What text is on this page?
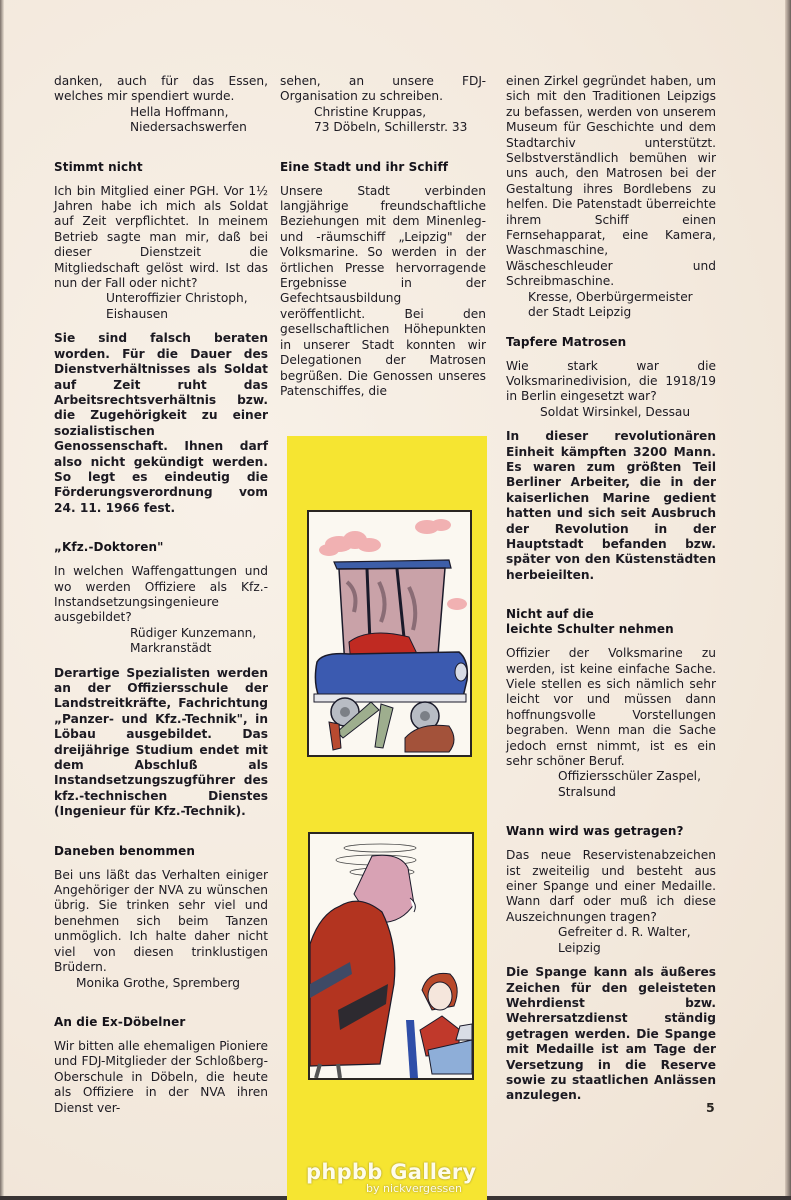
danken, auch für das Essen, welches mir spendiert wurde.

Hella Hoffmann,

Niedersachswerfen

Stimmt nicht

Ich bin Mitglied einer PGH. Vor 1½ Jahren habe ich mich als Soldat auf Zeit verpflichtet. In meinem Betrieb sagte man mir, daß bei dieser Dienstzeit die Mitgliedschaft gelöst wird. Ist das nun der Fall oder nicht?

Unteroffizier Christoph,

Eishausen

Sie sind falsch beraten worden. Für die Dauer des Dienstverhältnisses als Soldat auf Zeit ruht das Arbeitsrechtsverhältnis bzw. die Zugehörigkeit zu einer sozialistischen Genossenschaft. Ihnen darf also nicht gekündigt werden. So legt es eindeutig die Förderungsverordnung vom 24. 11. 1966 fest.

„Kfz.-Doktoren"

In welchen Waffengattungen und wo werden Offiziere als Kfz.-Instandsetzungsingenieure ausgebildet?

Rüdiger Kunzemann,

Markranstädt

Derartige Spezialisten werden an der Offiziersschule der Landstreitkräfte, Fachrichtung „Panzer- und Kfz.-Technik", in Löbau ausgebildet. Das dreijährige Studium endet mit dem Abschluß als Instandsetzungszugführer des kfz.-technischen Dienstes (Ingenieur für Kfz.-Technik).

Daneben benommen

Bei uns läßt das Verhalten einiger Angehöriger der NVA zu wünschen übrig. Sie trinken sehr viel und benehmen sich beim Tanzen unmöglich. Ich halte daher nicht viel von diesen trinklustigen Brüdern.

Monika Grothe, Spremberg

An die Ex-Döbelner

Wir bitten alle ehemaligen Pioniere und FDJ-Mitglieder der Schloßberg-Oberschule in Döbeln, die heute als Offiziere in der NVA ihren Dienst ver-

sehen, an unsere FDJ-Organisation zu schreiben.

Christine Kruppas,

73 Döbeln, Schillerstr. 33

Eine Stadt und ihr Schiff

Unsere Stadt verbinden langjährige freundschaftliche Beziehungen mit dem Minenleg- und -räumschiff „Leipzig" der Volksmarine. So werden in der örtlichen Presse hervorragende Ergebnisse in der Gefechtsausbildung veröffentlicht. Bei den gesellschaftlichen Höhepunkten in unserer Stadt konnten wir Delegationen der Matrosen begrüßen. Die Genossen unseres Patenschiffes, die

einen Zirkel gegründet haben, um sich mit den Traditionen Leipzigs zu befassen, werden von unserem Museum für Geschichte und dem Stadtarchiv unterstützt. Selbstverständlich bemühen wir uns auch, den Matrosen bei der Gestaltung ihres Bordlebens zu helfen. Die Patenstadt überreichte ihrem Schiff einen Fernsehapparat, eine Kamera, Waschmaschine, Wäscheschleuder und Schreibmaschine.

Kresse, Oberbürgermeister

der Stadt Leipzig

Tapfere Matrosen

Wie stark war die Volksmarinedivision, die 1918/19 in Berlin eingesetzt war?

Soldat Wirsinkel, Dessau

In dieser revolutionären Einheit kämpften 3200 Mann. Es waren zum größten Teil Berliner Arbeiter, die in der kaiserlichen Marine gedient hatten und sich seit Ausbruch der Revolution in der Hauptstadt befanden bzw. später von den Küstenstädten herbeieilten.

Nicht auf die

leichte Schulter nehmen

Offizier der Volksmarine zu werden, ist keine einfache Sache. Viele stellen es sich nämlich sehr leicht vor und müssen dann hoffnungsvolle Vorstellungen begraben. Wenn man die Sache jedoch ernst nimmt, ist es ein sehr schöner Beruf.

Offiziersschüler Zaspel,

Stralsund

Wann wird was getragen?

Das neue Reservistenabzeichen ist zweiteilig und besteht aus einer Spange und einer Medaille. Wann darf oder muß ich diese Auszeichnungen tragen?

Gefreiter d. R. Walter,

Leipzig

Die Spange kann als äußeres Zeichen für den geleisteten Wehrdienst bzw. Wehrersatzdienst ständig getragen werden. Die Spange mit Medaille ist am Tage der Versetzung in die Reserve sowie zu staatlichen Anlässen anzulegen.

5
phpbb Gallery
by nickvergessen
